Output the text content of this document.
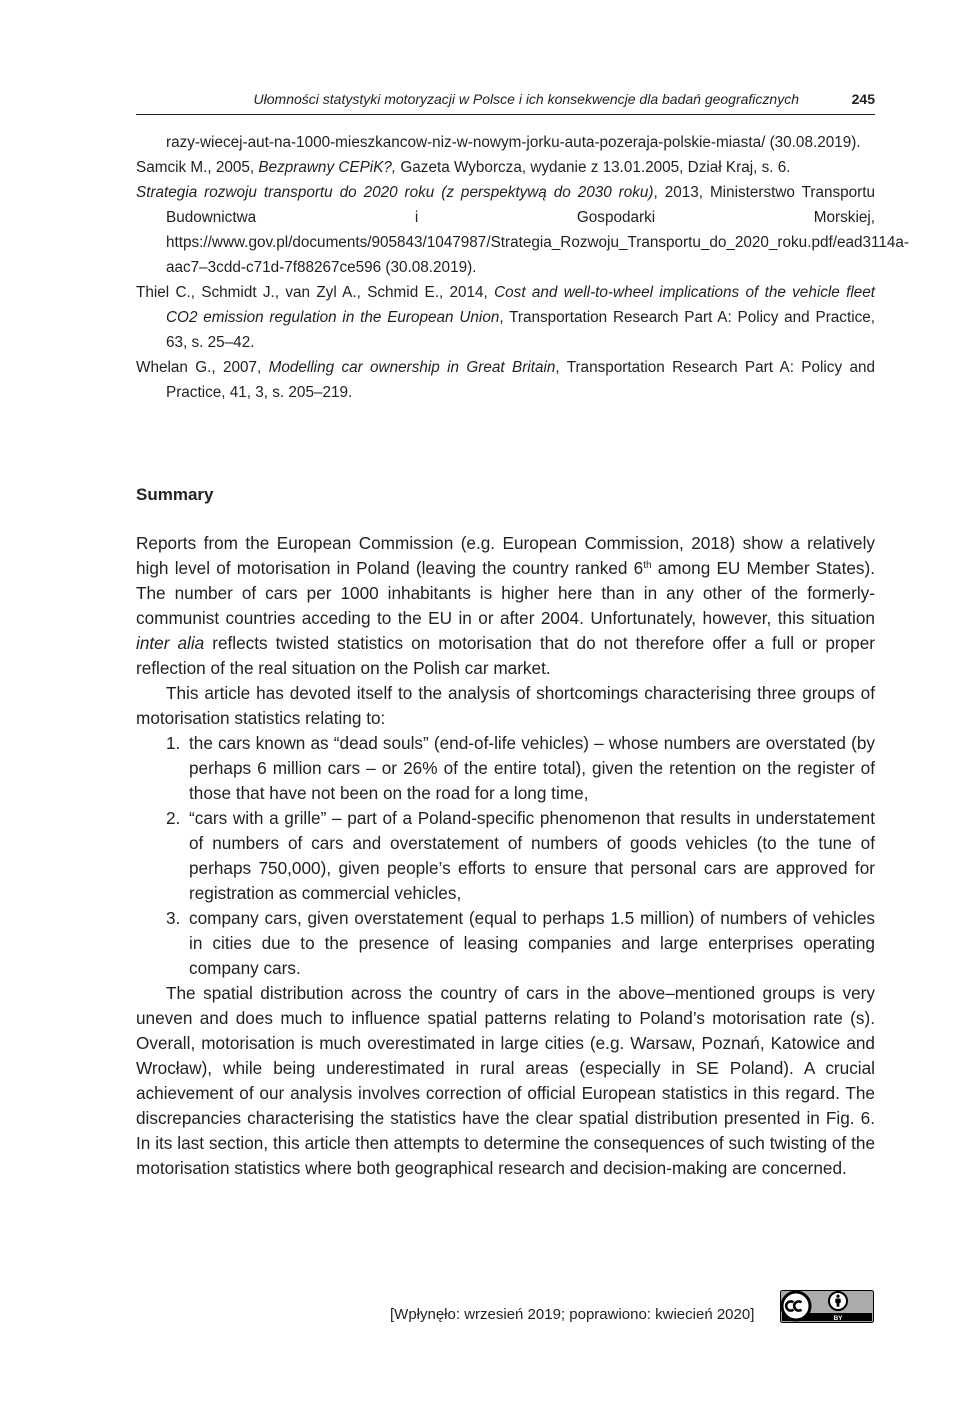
Ułomności statystyki motoryzacji w Polsce i ich konsekwencje dla badań geograficznych	245

razy-wiecej-aut-na-1000-mieszkancow-niz-w-nowym-jorku-auta-pozeraja-polskie-miasta/ (30.08.2019).

Samcik M., 2005, Bezprawny CEPiK?, Gazeta Wyborcza, wydanie z 13.01.2005, Dział Kraj, s. 6.

Strategia rozwoju transportu do 2020 roku (z perspektywą do 2030 roku), 2013, Ministerstwo Transportu Budownictwa i Gospodarki Morskiej, https://www.gov.pl/documents/905843/1047987/Strategia_Rozwoju_Transportu_do_2020_roku.pdf/ead3114a-aac7–3cdd-c71d-7f88267ce596 (30.08.2019).

Thiel C., Schmidt J., van Zyl A., Schmid E., 2014, Cost and well-to-wheel implications of the vehicle fleet CO2 emission regulation in the European Union, Transportation Research Part A: Policy and Practice, 63, s. 25–42.

Whelan G., 2007, Modelling car ownership in Great Britain, Transportation Research Part A: Policy and Practice, 41, 3, s. 205–219.

Summary

Reports from the European Commission (e.g. European Commission, 2018) show a relatively high level of motorisation in Poland (leaving the country ranked 6th among EU Member States). The number of cars per 1000 inhabitants is higher here than in any other of the formerly-communist countries acceding to the EU in or after 2004. Unfortunately, however, this situation inter alia reflects twisted statistics on motorisation that do not therefore offer a full or proper reflection of the real situation on the Polish car market.

This article has devoted itself to the analysis of shortcomings characterising three groups of motorisation statistics relating to:

1. the cars known as “dead souls” (end-of-life vehicles) – whose numbers are overstated (by perhaps 6 million cars – or 26% of the entire total), given the retention on the register of those that have not been on the road for a long time,
2. “cars with a grille” – part of a Poland-specific phenomenon that results in understatement of numbers of cars and overstatement of numbers of goods vehicles (to the tune of perhaps 750,000), given people’s efforts to ensure that personal cars are approved for registration as commercial vehicles,
3. company cars, given overstatement (equal to perhaps 1.5 million) of numbers of vehicles in cities due to the presence of leasing companies and large enterprises operating company cars.

The spatial distribution across the country of cars in the above–mentioned groups is very uneven and does much to influence spatial patterns relating to Poland’s motorisation rate (s). Overall, motorisation is much overestimated in large cities (e.g. Warsaw, Poznań, Katowice and Wrocław), while being underestimated in rural areas (especially in SE Poland). A crucial achievement of our analysis involves correction of official European statistics in this regard. The discrepancies characterising the statistics have the clear spatial distribution presented in Fig. 6. In its last section, this article then attempts to determine the consequences of such twisting of the motorisation statistics where both geographical research and decision-making are concerned.

[Wpłynęło: wrzesień 2019; poprawiono: kwiecień 2020]	BY
